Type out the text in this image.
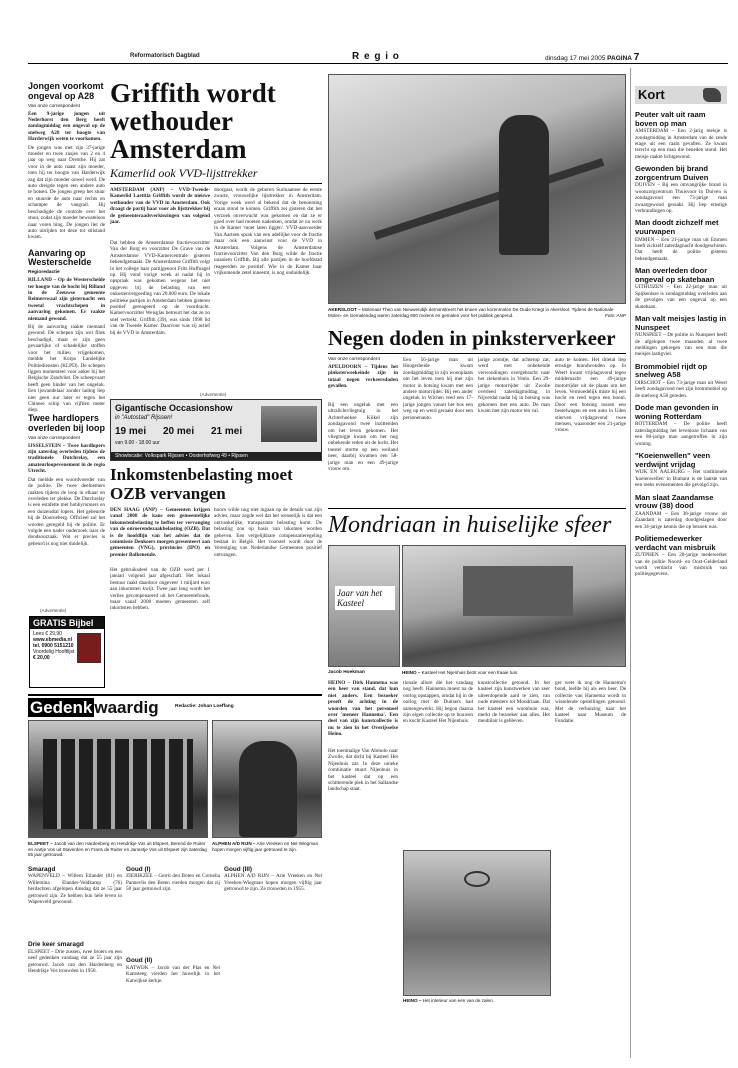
Reformatorisch Dagblad	R e g i o	dinsdag 17 mei 2005 PAGINA 7
Jongen voorkomt ongeval op A28
Van onze correspondent
Een 9-jarige jongen uit Nederhorst den Berg heeft zondagmiddag een ongeval op de snelweg A28 ter hoogte van Harderwijk weten te voorkomen.
De jongen was met zijn 37-jarige moeder en twee zusjes van 2 en 4 jaar op weg naar Drenthe. Hij zat voor in de auto naast zijn moeder, toen hij ter hoogte van Harderwijk zag dat zijn moeder onwel werd. De auto dreigde tegen een andere auto te botsen. De jongen greep het stuur en stuurde de auto naar rechts en schampte de vangrail. Hij beschadigde de controle over het stuur, zodat zijn moeder bewusteloos naar voren hing. De jongen liet de auto uitrijden tot deze tot stilstand kwam.
Aanvaring op Westerschelde
Regioredactie
RILLAND – Op de Westerschelde ter hoogte van de bocht bij Rilland in de Zeeuwse gemeente Reimerswaal zijn gisternacht een tweetal vrachtschepen in aanvaring gekomen. Er raakte niemand gewond.
Bij de aanvaring raakte niemand gewond. De schepen zijn wel flink beschadigd, maar er zijn geen gevaarlijke of schadelijke stoffen voor het milieu vrijgekomen, meldde het Korps Landelijke Politiediensten (KLPD). De schepen liggen momenteel voor anker bij het Belgische Zandvliet. De scheepvaart heeft geen hinder van het ongeluk. Een ijswandelaar zonder lading liep niet geen uur later er tegen het Chinese schip van vijftien meter diep.
Twee hardlopers overleden bij loop
Van onze correspondent
IJSSELSTEIN – Twee hardlopers zijn zaterdag overleden tijdens de traditionele Dutchrelay, een amateurloopevenement in de regio Utrecht.
Dat meldde een woordvoerder van de politie. De twee deelnemers raakten tijdens de loop in elkaar en overleden ter plekke. De Dutchrelay is een estafette met hobbyrunners en een duizendtal lopers. Het gebeurde bij de Doorneberg. Officieel zal het worden geregeld bij de politie. Er volgde een nader onderzoek naar de doodsoorzaak. Wat er precies is gebeurd is nog niet duidelijk.
(Advertentie)
GRATIS Bijbel
Lees € 29,90
www.ebmedia.nl
tel. 0900 5151210
Voordelig Hooftlijst
€ 20,00
Griffith wordt wethouder Amsterdam
Kamerlid ook VVD-lijsttrekker
AMSTERDAM (ANP) – VVD-Tweede-Kamerlid Laetitia Griffith wordt de nieuwe wethouder van de VVD in Amsterdam. Ook draagt de partij haar voor als lijsttrekker bij de gemeenteraadsverkiezingen van volgend jaar.
Dat hebben de Amsterdamse fractievoorzitter Van der Burg en voorzitter De Grave van de Amsterdamse VVD-Kamercentrale gisteren bekendgemaakt. De Amsterdamse Griffith volgt in het college haar partijgenoot Frits Huffnagel op. Hij vond vorige week al nadat hij in opspraak was gekomen wegens het niet opgeven bij de belasting van een onkostenvergoeding van 20.000 euro. De lokale politieke partijen in Amsterdam hebben gisteren positief gereageerd op de voordracht. Kamervoorzitter Weisglas betreurt het dat ze zo snel vertrekt. Griffith (39), was sinds 1998 lid van de Tweede Kamer. Daarvoor was zij actief bij de VVD in Amsterdam.
doorgaat, wordt de geboren Surinaamse de eerste zwarte, vrouwelijke lijsttrekker in Amsterdam. Vorige week werd al bekend dat de benoeming eraan stond te komen. Griffith zei gisteren dat het verzoek onverwacht was gekomen en dat ze er goed over had moeten nadenken, omdat ze nu werk in de Kamer 'moet laten liggen'. VVD-aanvoerder Van Aartsen sprak van een adellijke voor de fractie maar ook een aanwinst voor de VVD in Amsterdam. Volgens de Amsterdamse fractievoorzitter Van den Burg wilde de fractie unaniem Griffith. Bij alle partijen in de hoofdstad reageerden ze positief. Wie in de Kamer haar vrijkomende zetel inneemt, is nog onduidelijk.
(Advertentie)
Gigantische Occasionshow
in "Autostad" Rijssen!
19 mei 20 mei 21 mei
van 9.00 - 18.00 uur
Showlocatie: Volkspark Rijssen • Oosterhofweg 49 • Rijssen
Inkomstenbelasting moet OZB vervangen
DEN HAAG (ANP) – Gemeenten krijgen vanaf 2008 de kans een gemeentelijke inkomstenbelasting te heffen ter vervanging van de onroerendezaakbelasting (OZB). Dat is de hoofdlijn van het advies dat de commissie Denkoers morgen presenteert aan gemeenten (VNG), provincies (IPO) en premier Balkenende.
Het gebruiksdeel van de OZB werd per 1 januari volgend jaar afgeschaft. Het lokaal bestuur raakt daardoor ongeveer 1 miljard euro aan inkomsten kwijt. Twee jaar lang wordt het verlies gecompenseerd uit het Gemeentefonds, maar vanaf 2008 moeten gemeenten zelf inkomsten hebben.
hoorn wilde nog niet ingaan op de details van zijn advies, maar zegde wel dat het wenselijk is dat een ontvankelijke, transparante belasting komt. De belasting zou op basis van inkomen worden geheven. Een vergelijkbare compensatieregeling bestaat in België. Het voorstel wordt door de Vereniging van Nederlandse Gemeenten positief ontvangen.
AKERSLOOT – Molenaar Theo van Nieuwendijk demonstreert het kruien van korenmolen De Oude Knegt in Akersloot. Tijdens de Nationale Molen- en Gemalendag waren zaterdag 600 molens en gemalen voor het publiek geopend.	Foto: ANP
Negen doden in pinksterverkeer
Van onze correspondent
APELDOORN – Tijdens het pinksterweekeinde zijn in totaal negen verkeersdoden gevallen.
Bij een ongeluk met een ultralichtvliegtuig in het Achterhoekse Kiikel zijn zondagavond twee inzittenden om het leven gekomen. Het vliegtuigje kwam om het nog onbekende reden uit de lucht. Het toestel stortte op een weiland neer, daarbij kwamen een 58-jarige man en een 49-jarige vrouw om.
Een 56-jarige man uit Hoogerheide kwam zondagmiddag in zijn woonplaats om het leven toen hij met zijn motor in botsing kwam met een andere motorrijder. Bij een ander ongeluk in Wichen reed een 17-jarige jongen vanuit het bos een weg op en werd geraakt door een personenauto.
jarige zoontje, dat achterop zat, werd met onbekende verwondingen overgebracht naar het ziekenhuis in Venlo. Een 29-jarige motorrijder uit Zwolle overleed zaterdagmiddag in Nijverdal nadat hij in botsing was gekomen met een auto. De man kwam met zijn motor ten val.
auto te komen. Het drietal liep ernstige brandwonden op. In Weert kwam vrijdagavond tegen middernacht een 49-jarige motorrijder uit de plaats om het leven. Vermoedelijk miste hij een bocht en reed tegen een boom. Door een botsing tussen een bestelwagen en een auto in Uden stierven vrijdagavond twee mensen, waaronder een 21-jarige vrouw.
Mondriaan in huiselijke sfeer
Jaar van het Kasteel
Jacob Hoekman	HEINO – Kasteel Het Nijenhuis bezit voor een fraaie tuin.
HEINO – Dirk Hannema was een heer van stand, dat kun niet anders. Een bezoeker proeft de achting in de woorden van het personeel over 'meneer Hannema'. Een deel van zijn kunstcollectie is nu te zien in het Overijsselse Heino.
Het toenmalige Van Abmolo naar Zwolle, dat dicht bij Kasteel Het Nijenhuis zat. In deze unieke combinatie stuurt Nijenhuis in het kasteel dat op een schitterende plek in het Sallandse landschap staat.
tionale allure die het vandaag nog heeft. Hannema moest na de oorlog opstappen, omdat hij in de oorlog met de Duitsers had samengewerkt. Hij begon daarna zijn eigen collectie op te bouwen en kocht Kasteel Het Nijenhuis.
kunstcollectie getoond. In het kasteel zijn kunstwerken van zeer uiteenlopende aard te zien, van oude meesters tot Mondriaan. Dat het kasteel een woonhuis was, merkt de bezoeker aan alles. Het meubilair is gebleven.
ger weet ik nog de Hannema's bond, leefde hij als een heer. De collectie van Hannema wordt in wisselende opstellingen getoond. Met de verhuizing naar het kasteel naar Museum de Fundatie.
HEINO – Het interieur van een van de zalen.
Gedenk waardig	Redactie: Johan Loeffang
ELSPEET – Jacob van den Hardenberg en Hendrikje Vos uit Elspeet, Berend de Ruiter en Aartje Vos uit Staverden en Frans de Ruiter en Jannetje Vos uit Elspeet zijn zaterdag 55 jaar getrouwd.
ALPHEN A/D RIJN – Arie Vreeken en Nel Wiegman hopen morgen vijftig jaar getrouwd te zijn.
Smaragd
WAPENVELD – Willem Eilander (81) en Willemina Elander-Veldkamp (76) herdachten afgelopen dinsdag dat ze 55 jaar getrouwd zijn. Ze hebben hun hele leven in Wapenveld gewoond.
Drie keer smaragd
ELSPEET – Drie zussen, twee broers en een neef gedenken vandaag dat ze 55 jaar zijn getrouwd. Jacob van den Hardenberg en Hendrikje Vos trouwden in 1950.
Goud (I)
ZIERIKZEE – Gerrit den Boten en Cornelia Pannevlis den Boten vierden morgen dat zij 50 jaar getrouwd zijn.
Goud (II)
KATWIJK – Jacob van der Plas en Nel Kamsteeg vierden het huwelijk in het Katwijkse kerkje.
Goud (III)
ALPHEN A/D RIJN – Arie Vreeken en Nel Vreeken-Wiegman hopen morgen vijftig jaar getrouwd te zijn. Ze trouwden in 1955.
Kort
Peuter valt uit raam boven op man
AMSTERDAM – Een 2-jarig meisje is zondagmiddag in Amsterdam van de zesde etage uit een raam gevallen. Ze kwam terecht op een man die beneden stond. Het meisje raakte lichtgewond.
Gewonden bij brand zorgcentrum Duiven
DUIVEN – Bij een omvangrijke brand in woonzorgcentrum Thuisvoor in Duiven is zondagavond een 73-jarige man zwaargewond geraakt. Hij liep ernstige verbrandingen op.
Man doodt zichzelf met vuurwapen
EMMEN – Een 21-jarige man uit Emmen heeft zichzelf zaterdagnacht doodgeschoten. Dat heeft de politie gisteren bekendgemaakt.
Man overleden door ongeval op skatebaan
UITHUIZEN – Een 22-jarige man uit Spijkenisse is zondagmiddag overleden aan de gevolgen van een ongeval op een skatebaan.
Man valt meisjes lastig in Nunspeet
NUNSPEET – De politie in Nunspeet heeft de afgelopen twee maanden al twee meldingen gekregen van een man die meisjes lastigviel.
Brommobiel rijdt op snelweg A58
OIRSCHOT – Een 73-jarige man uit Weert heeft zondagavond met zijn brommobiel op de snelweg A58 gereden.
Dode man gevonden in woning Rotterdam
ROTTERDAM – De politie heeft zaterdagmiddag het levenloze lichaam van een 80-jarige man aangetroffen in zijn woning.
"Koeienwellen" veen verdwijnt vrijdag
WIJK EN AALBURG – Het traditionele 'koeienwellen' in Brabant is de laatste van een reeks evenementen die gevolgd zijn.
Man slaat Zaandamse vrouw (38) dood
ZAANDAM – Een 38-jarige vrouw uit Zaandam is zaterdag doodgeslagen door een 34-jarige kennis die op bezoek was.
Politiemedewerker verdacht van misbruik
ZUTPHEN – Een 28-jarige medewerker van de politie Noord- en Oost-Gelderland wordt verdacht van misbruik van politiegegevens.
